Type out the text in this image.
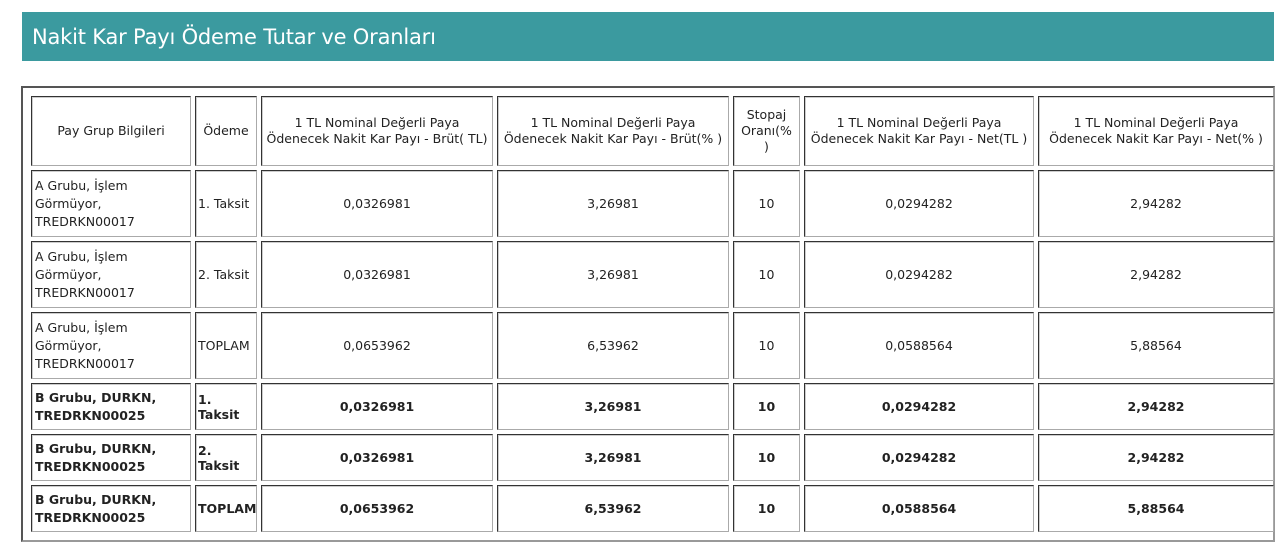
Nakit Kar Payı Ödeme Tutar ve Oranları
Pay Grup Bilgileri	Ödeme	1 TL Nominal Değerli Paya Ödenecek Nakit Kar Payı - Brüt( TL)	1 TL Nominal Değerli Paya Ödenecek Nakit Kar Payı - Brüt(% )	Stopaj Oranı(% )	1 TL Nominal Değerli Paya Ödenecek Nakit Kar Payı - Net(TL )	1 TL Nominal Değerli Paya Ödenecek Nakit Kar Payı - Net(% )
A Grubu, İşlem Görmüyor, TREDRKN00017	1. Taksit	0,0326981	3,26981	10	0,0294282	2,94282
A Grubu, İşlem Görmüyor, TREDRKN00017	2. Taksit	0,0326981	3,26981	10	0,0294282	2,94282
A Grubu, İşlem Görmüyor, TREDRKN00017	TOPLAM	0,0653962	6,53962	10	0,0588564	5,88564
B Grubu, DURKN, TREDRKN00025	1. Taksit	0,0326981	3,26981	10	0,0294282	2,94282
B Grubu, DURKN, TREDRKN00025	2. Taksit	0,0326981	3,26981	10	0,0294282	2,94282
B Grubu, DURKN, TREDRKN00025	TOPLAM	0,0653962	6,53962	10	0,0588564	5,88564
